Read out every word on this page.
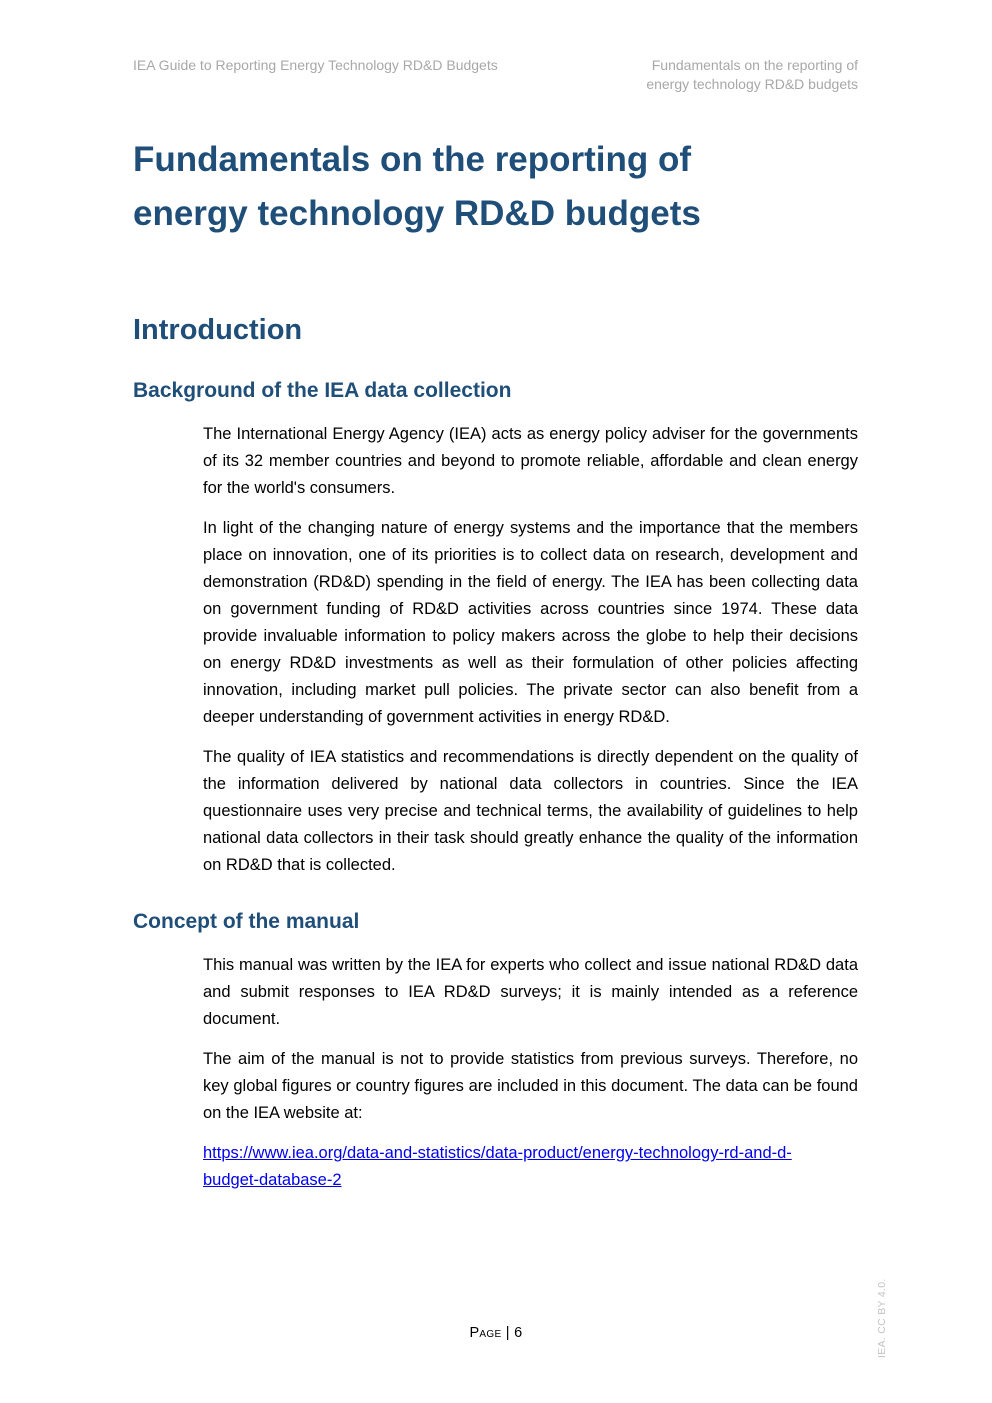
IEA Guide to Reporting Energy Technology RD&D Budgets	Fundamentals on the reporting of
energy technology RD&D budgets
Fundamentals on the reporting of
energy technology RD&D budgets
Introduction
Background of the IEA data collection

The International Energy Agency (IEA) acts as energy policy adviser for the governments of its 32 member countries and beyond to promote reliable, affordable and clean energy for the world's consumers.

In light of the changing nature of energy systems and the importance that the members place on innovation, one of its priorities is to collect data on research, development and demonstration (RD&D) spending in the field of energy. The IEA has been collecting data on government funding of RD&D activities across countries since 1974. These data provide invaluable information to policy makers across the globe to help their decisions on energy RD&D investments as well as their formulation of other policies affecting innovation, including market pull policies. The private sector can also benefit from a deeper understanding of government activities in energy RD&D.

The quality of IEA statistics and recommendations is directly dependent on the quality of the information delivered by national data collectors in countries. Since the IEA questionnaire uses very precise and technical terms, the availability of guidelines to help national data collectors in their task should greatly enhance the quality of the information on RD&D that is collected.

Concept of the manual

This manual was written by the IEA for experts who collect and issue national RD&D data and submit responses to IEA RD&D surveys; it is mainly intended as a reference document.

The aim of the manual is not to provide statistics from previous surveys. Therefore, no key global figures or country figures are included in this document. The data can be found on the IEA website at:

https://www.iea.org/data-and-statistics/data-product/energy-technology-rd-and-d-
budget-database-2
Page | 6	IEA. CC BY 4.0.
